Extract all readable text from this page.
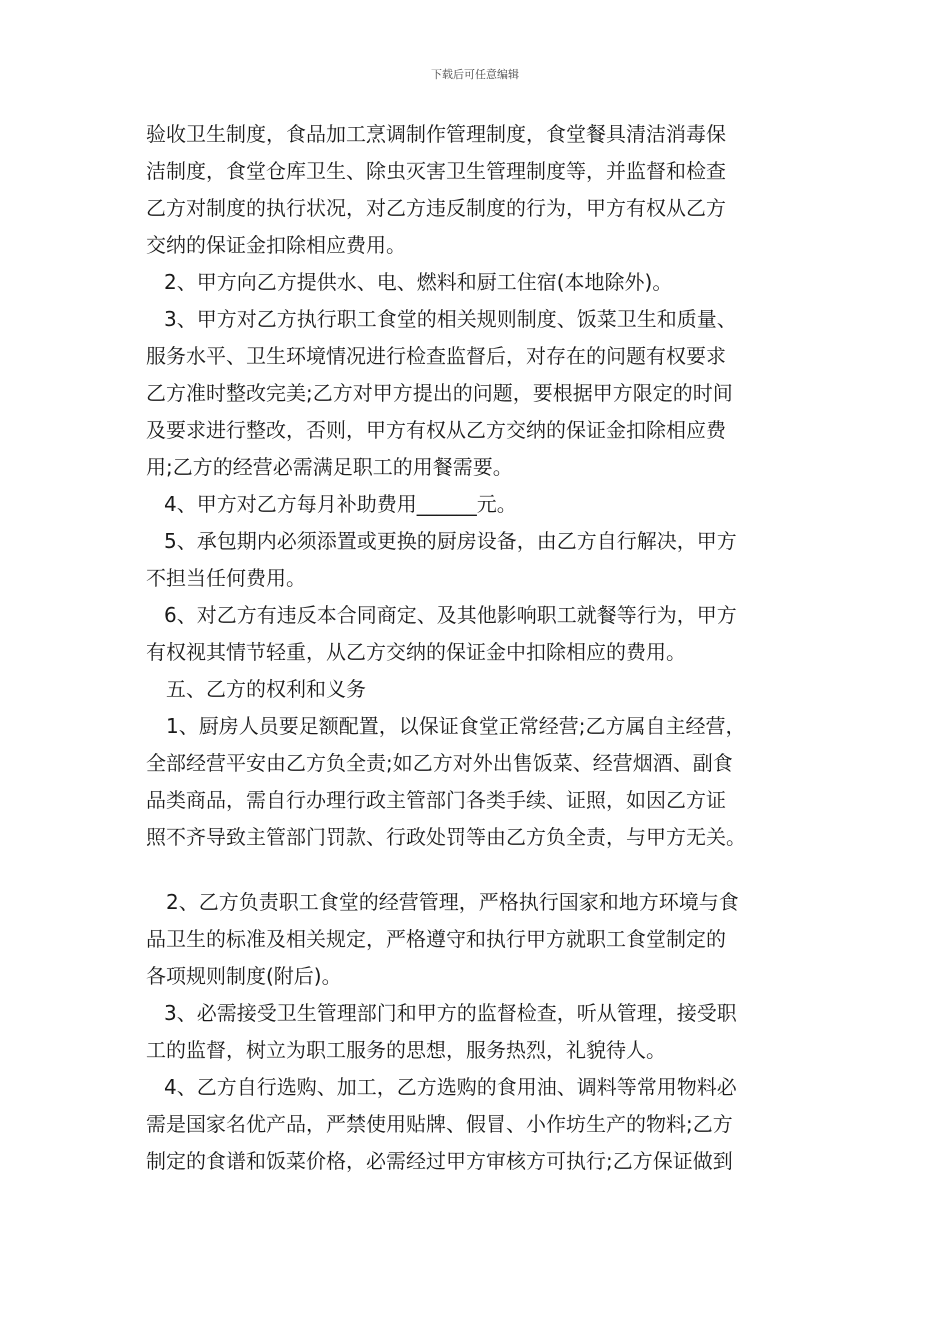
下载后可任意编辑
验收卫生制度，食品加工烹调制作管理制度，食堂餐具清洁消毒保
洁制度，食堂仓库卫生、除虫灭害卫生管理制度等，并监督和检查
乙方对制度的执行状况，对乙方违反制度的行为，甲方有权从乙方
交纳的保证金扣除相应费用。
2、甲方向乙方提供水、电、燃料和厨工住宿(本地除外)。
3、甲方对乙方执行职工食堂的相关规则制度、饭菜卫生和质量、
服务水平、卫生环境情况进行检查监督后，对存在的问题有权要求
乙方准时整改完美;乙方对甲方提出的问题，要根据甲方限定的时间
及要求进行整改，否则，甲方有权从乙方交纳的保证金扣除相应费
用;乙方的经营必需满足职工的用餐需要。
4、甲方对乙方每月补助费用______元。
5、承包期内必须添置或更换的厨房设备，由乙方自行解决，甲方
不担当任何费用。
6、对乙方有违反本合同商定、及其他影响职工就餐等行为，甲方
有权视其情节轻重，从乙方交纳的保证金中扣除相应的费用。
五、乙方的权利和义务
1、厨房人员要足额配置，以保证食堂正常经营;乙方属自主经营，
全部经营平安由乙方负全责;如乙方对外出售饭菜、经营烟酒、副食
品类商品，需自行办理行政主管部门各类手续、证照，如因乙方证
照不齐导致主管部门罚款、行政处罚等由乙方负全责，与甲方无关。
2、乙方负责职工食堂的经营管理，严格执行国家和地方环境与食
品卫生的标准及相关规定，严格遵守和执行甲方就职工食堂制定的
各项规则制度(附后)。
3、必需接受卫生管理部门和甲方的监督检查，听从管理，接受职
工的监督，树立为职工服务的思想，服务热烈，礼貌待人。
4、乙方自行选购、加工，乙方选购的食用油、调料等常用物料必
需是国家名优产品，严禁使用贴牌、假冒、小作坊生产的物料;乙方
制定的食谱和饭菜价格，必需经过甲方审核方可执行;乙方保证做到
